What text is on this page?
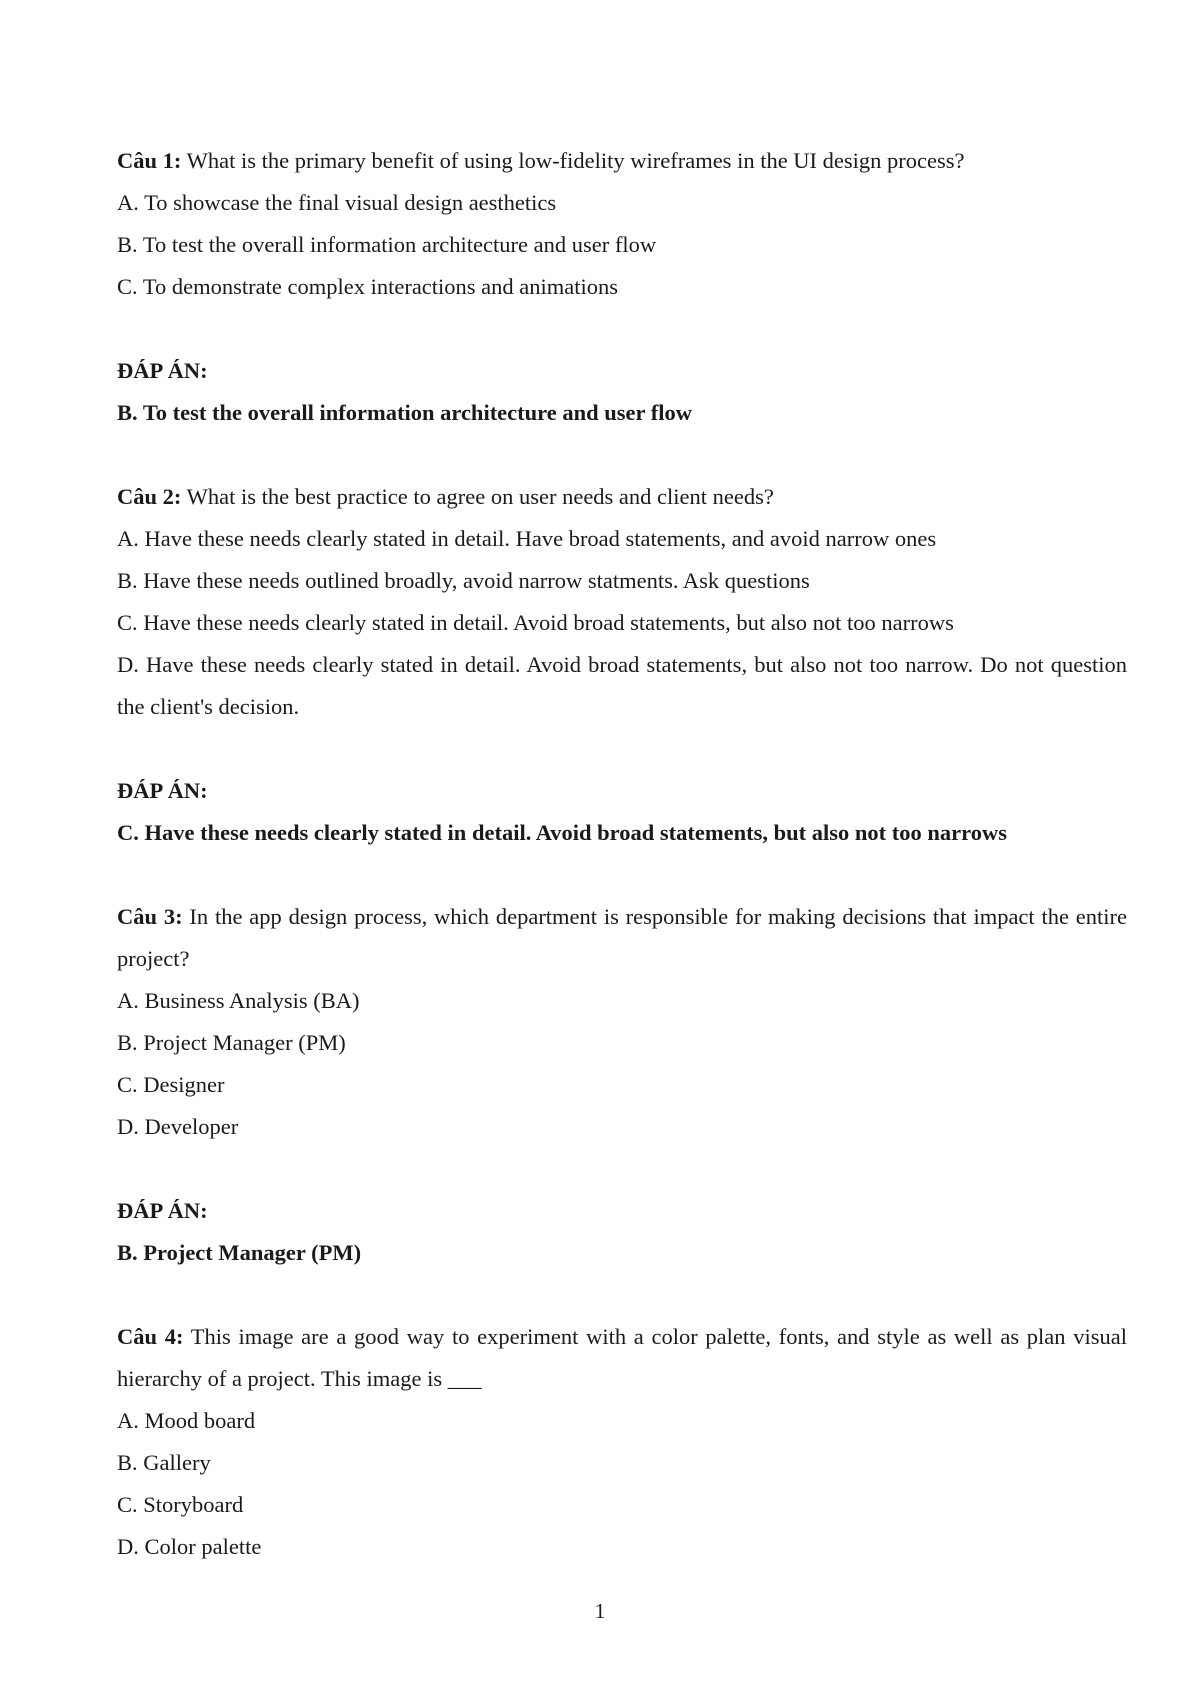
Câu 1: What is the primary benefit of using low-fidelity wireframes in the UI design process?

A. To showcase the final visual design aesthetics

B. To test the overall information architecture and user flow

C. To demonstrate complex interactions and animations

ĐÁP ÁN:

B. To test the overall information architecture and user flow

Câu 2: What is the best practice to agree on user needs and client needs?

A. Have these needs clearly stated in detail. Have broad statements, and avoid narrow ones

B. Have these needs outlined broadly, avoid narrow statments. Ask questions

C. Have these needs clearly stated in detail. Avoid broad statements, but also not too narrows

D. Have these needs clearly stated in detail. Avoid broad statements, but also not too narrow. Do not question the client's decision.

ĐÁP ÁN:

C. Have these needs clearly stated in detail. Avoid broad statements, but also not too narrows

Câu 3: In the app design process, which department is responsible for making decisions that impact the entire project?

A. Business Analysis (BA)

B. Project Manager (PM)

C. Designer

D. Developer

ĐÁP ÁN:

B. Project Manager (PM)

Câu 4: This image are a good way to experiment with a color palette, fonts, and style as well as plan visual hierarchy of a project. This image is ___

A. Mood board

B. Gallery

C. Storyboard

D. Color palette

1
